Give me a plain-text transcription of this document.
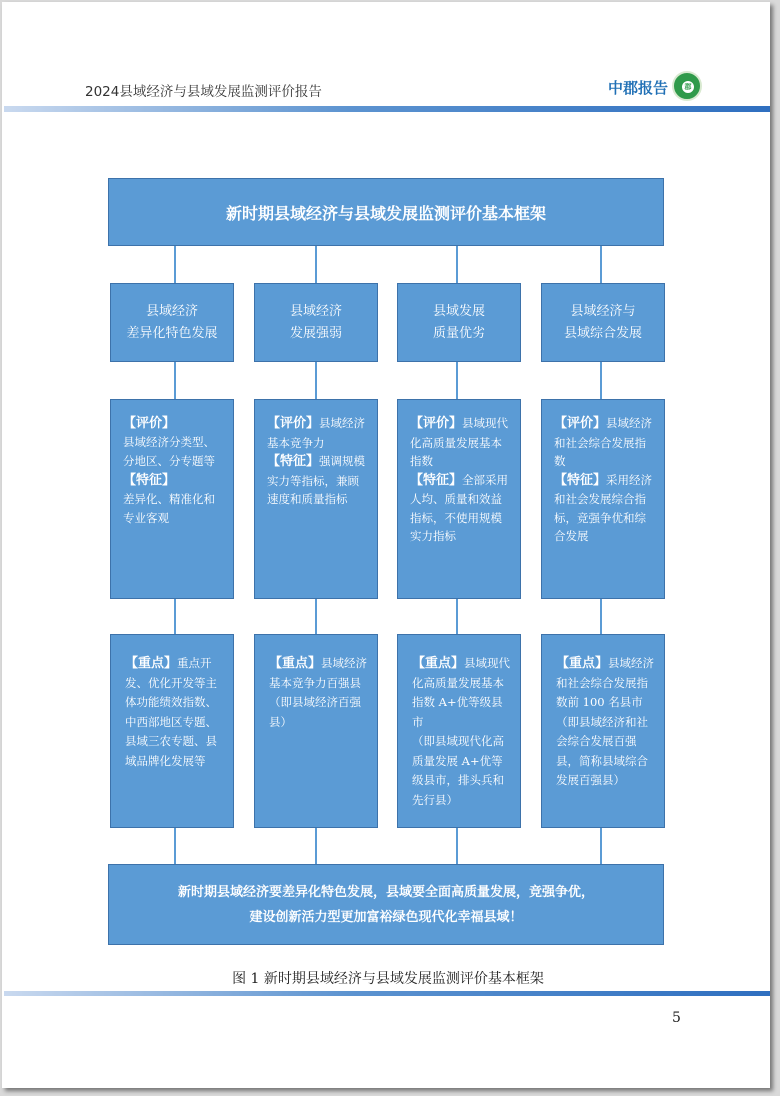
2024县域经济与县域发展监测评价报告	中郡报告	郡
新时期县域经济与县域发展监测评价基本框架
县域经济
差异化特色发展
县域经济
发展强弱
县域发展
质量优劣
县域经济与
县域综合发展
【评价】
县域经济分类型、分地区、分专题等
【特征】
差异化、精准化和专业客观
【评价】县域经济基本竞争力
【特征】强调规模实力等指标，兼顾速度和质量指标
【评价】县域现代化高质量发展基本指数
【特征】全部采用人均、质量和效益指标，不使用规模实力指标
【评价】县域经济和社会综合发展指数
【特征】采用经济和社会发展综合指标，竞强争优和综合发展
【重点】重点开发、优化开发等主体功能绩效指数、中西部地区专题、县域三农专题、县域品牌化发展等
【重点】县域经济基本竞争力百强县（即县域经济百强县）
【重点】县域现代化高质量发展基本指数 A+优等级县市
（即县域现代化高质量发展 A+优等级县市，排头兵和先行县）
【重点】县域经济和社会综合发展指数前 100 名县市（即县域经济和社会综合发展百强县，简称县域综合发展百强县）
新时期县域经济要差异化特色发展，县域要全面高质量发展，竞强争优，
建设创新活力型更加富裕绿色现代化幸福县域！
图 1 新时期县域经济与县域发展监测评价基本框架
5
